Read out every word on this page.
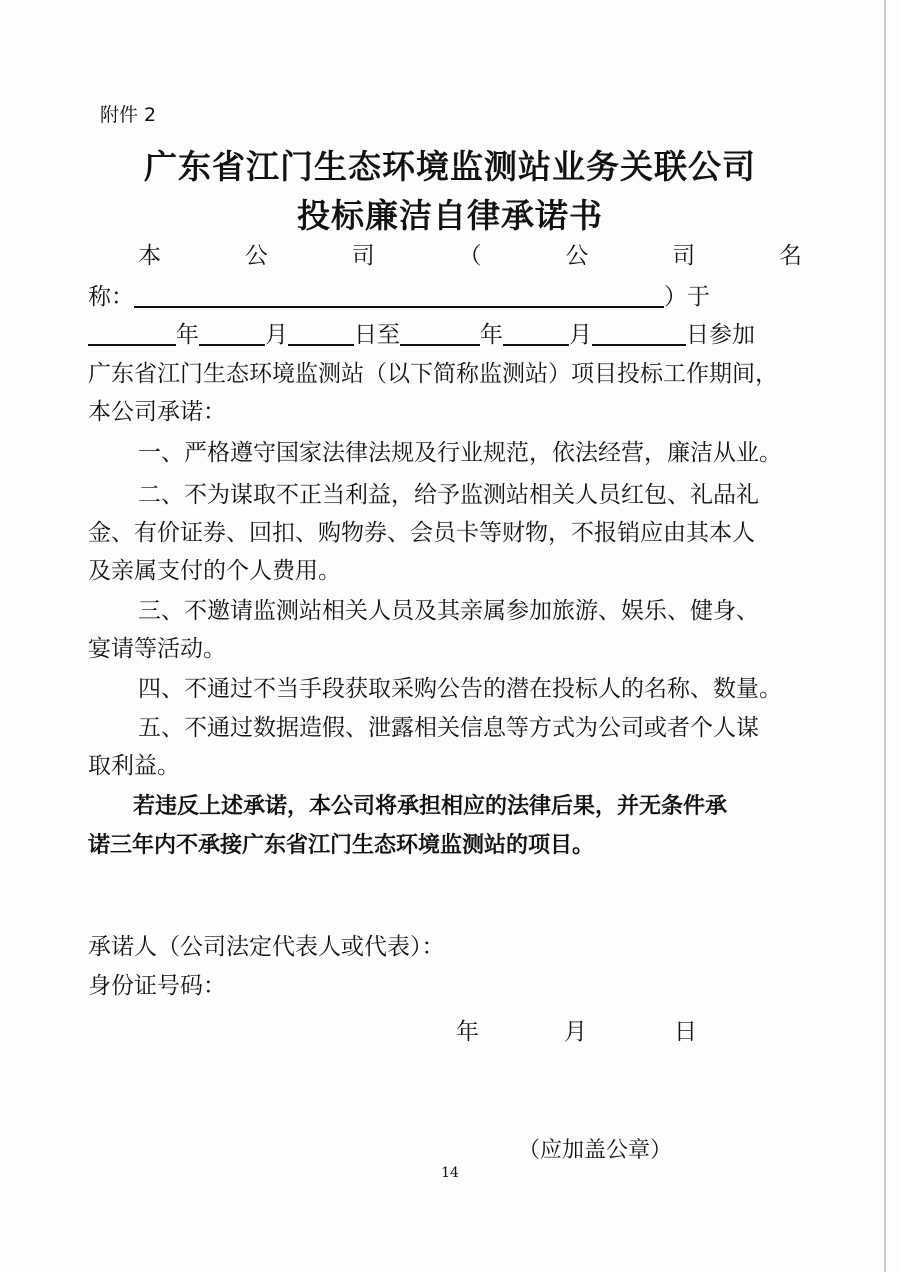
附件 2
广东省江门生态环境监测站业务关联公司
投标廉洁自律承诺书
本	公	司	（	公	司	名
称：	）于
年	月	日至	年	月	日参加
广东省江门生态环境监测站（以下简称监测站）项目投标工作期间，
本公司承诺：
一、严格遵守国家法律法规及行业规范，依法经营，廉洁从业。
二、不为谋取不正当利益，给予监测站相关人员红包、礼品礼
金、有价证券、回扣、购物券、会员卡等财物，不报销应由其本人
及亲属支付的个人费用。
三、不邀请监测站相关人员及其亲属参加旅游、娱乐、健身、
宴请等活动。
四、不通过不当手段获取采购公告的潜在投标人的名称、数量。
五、不通过数据造假、泄露相关信息等方式为公司或者个人谋
取利益。
若违反上述承诺，本公司将承担相应的法律后果，并无条件承
诺三年内不承接广东省江门生态环境监测站的项目。
承诺人（公司法定代表人或代表）：
身份证号码：
年	月	日
（应加盖公章）
14
